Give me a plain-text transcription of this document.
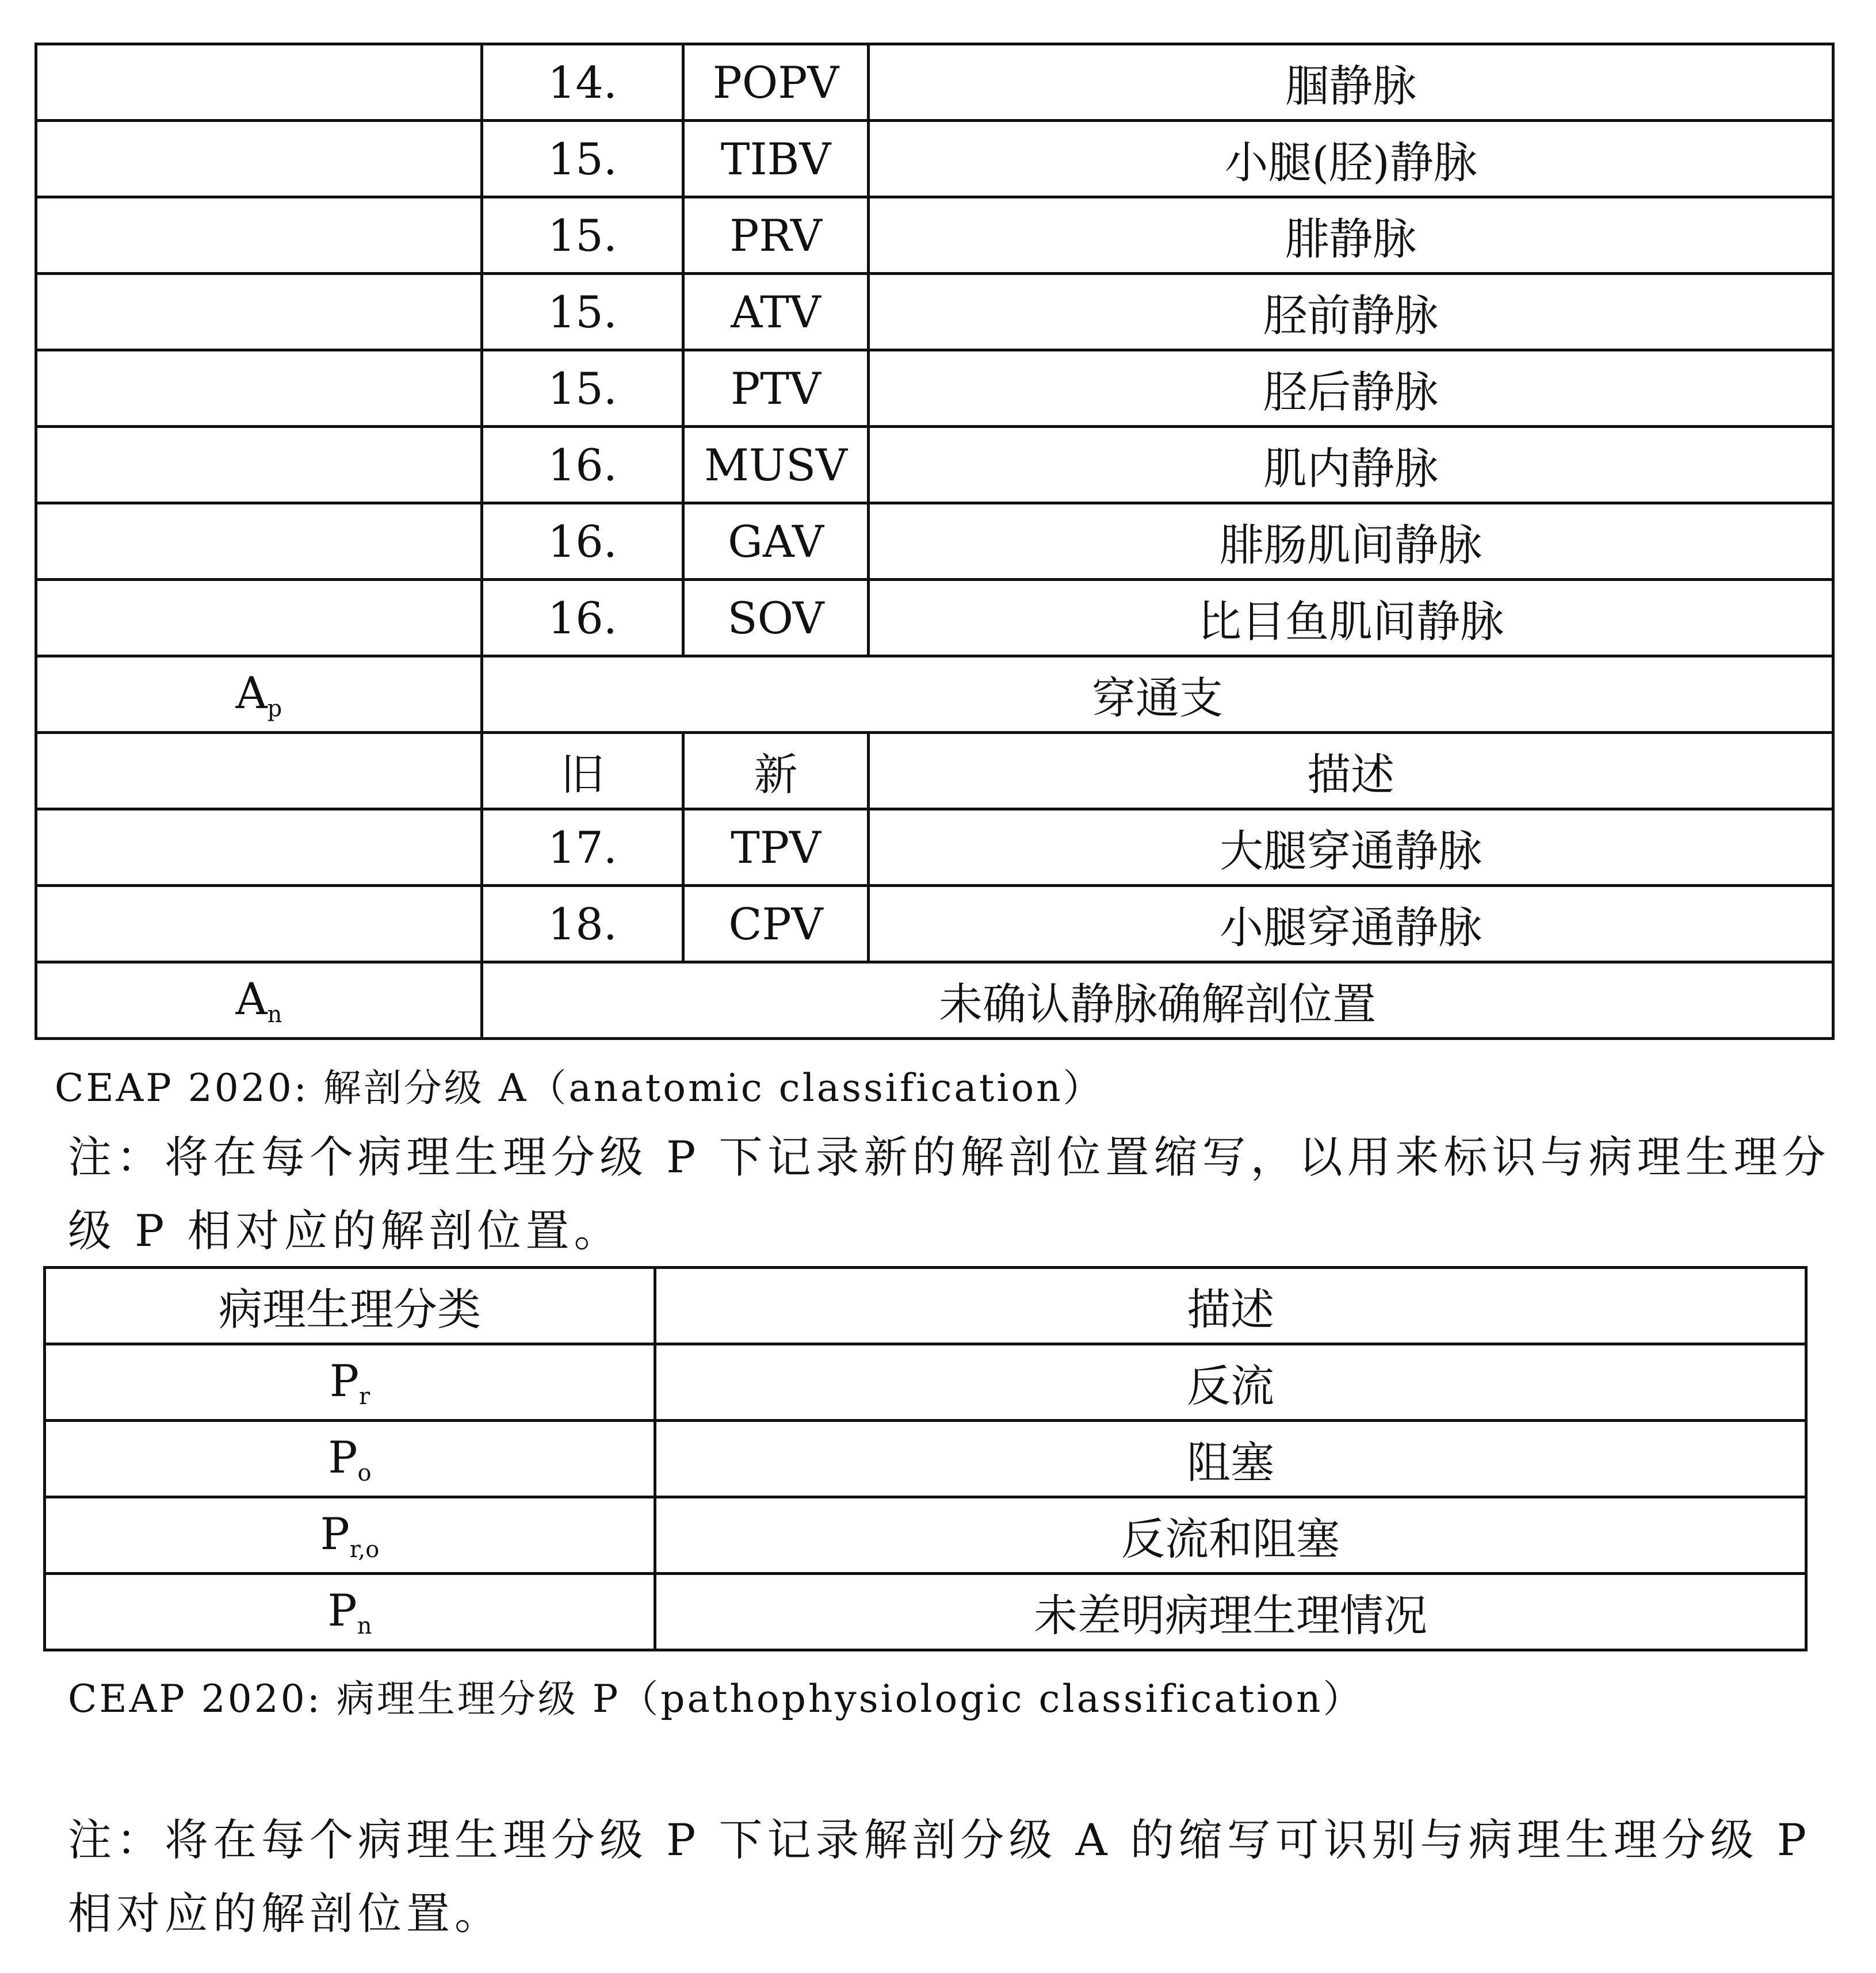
	14.	POPV	腘静脉
	15.	TIBV	小腿(胫)静脉
	15.	PRV	腓静脉
	15.	ATV	胫前静脉
	15.	PTV	胫后静脉
	16.	MUSV	肌内静脉
	16.	GAV	腓肠肌间静脉
	16.	SOV	比目鱼肌间静脉
$A_p$	穿通支		
	旧	新	描述
	17.	TPV	大腿穿通静脉
	18.	CPV	小腿穿通静脉
$A_n$	未确认静脉确解剖位置		
CEAP 2020: 解剖分级 A（anatomic classification）
注：将在每个病理生理分级 P 下记录新的解剖位置缩写，以用来标识与病理生理分级 P 相对应的解剖位置。
病理生理分类	描述
$P_r$	反流
$P_o$	阻塞
$P_{r,o}$	反流和阻塞
$P_n$	未差明病理生理情况
CEAP 2020: 病理生理分级 P（pathophysiologic classification）
注：将在每个病理生理分级 P 下记录解剖分级 A 的缩写可识别与病理生理分级 P 相对应的解剖位置。
